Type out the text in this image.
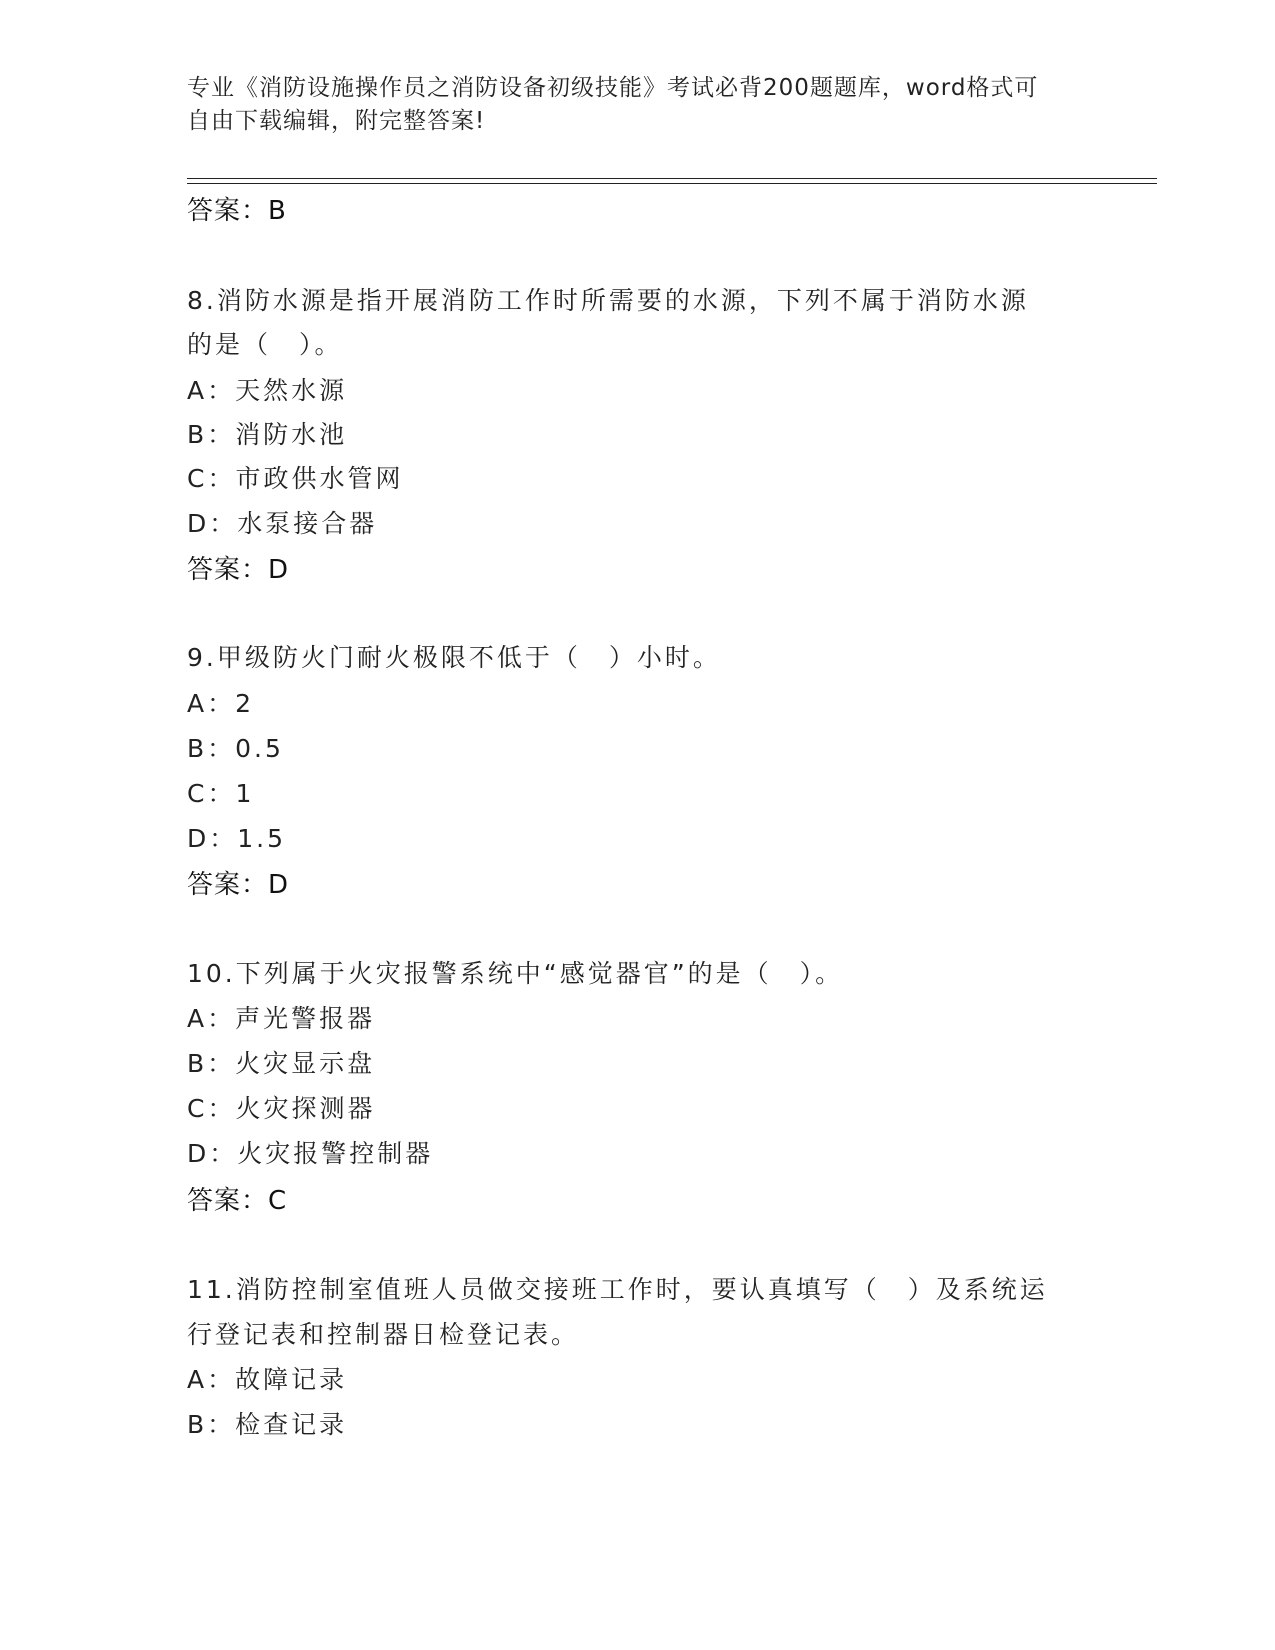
专业《消防设施操作员之消防设备初级技能》考试必背200题题库，word格式可
自由下载编辑，附完整答案!
答案：B
8.消防水源是指开展消防工作时所需要的水源，下列不属于消防水源
的是（　）。
A：天然水源
B：消防水池
C：市政供水管网
D：水泵接合器
答案：D
9.甲级防火门耐火极限不低于（　）小时。
A：2
B：0.5
C：1
D：1.5
答案：D
10.下列属于火灾报警系统中“感觉器官”的是（　）。
A：声光警报器
B：火灾显示盘
C：火灾探测器
D：火灾报警控制器
答案：C
11.消防控制室值班人员做交接班工作时，要认真填写（　）及系统运
行登记表和控制器日检登记表。
A：故障记录
B：检查记录
